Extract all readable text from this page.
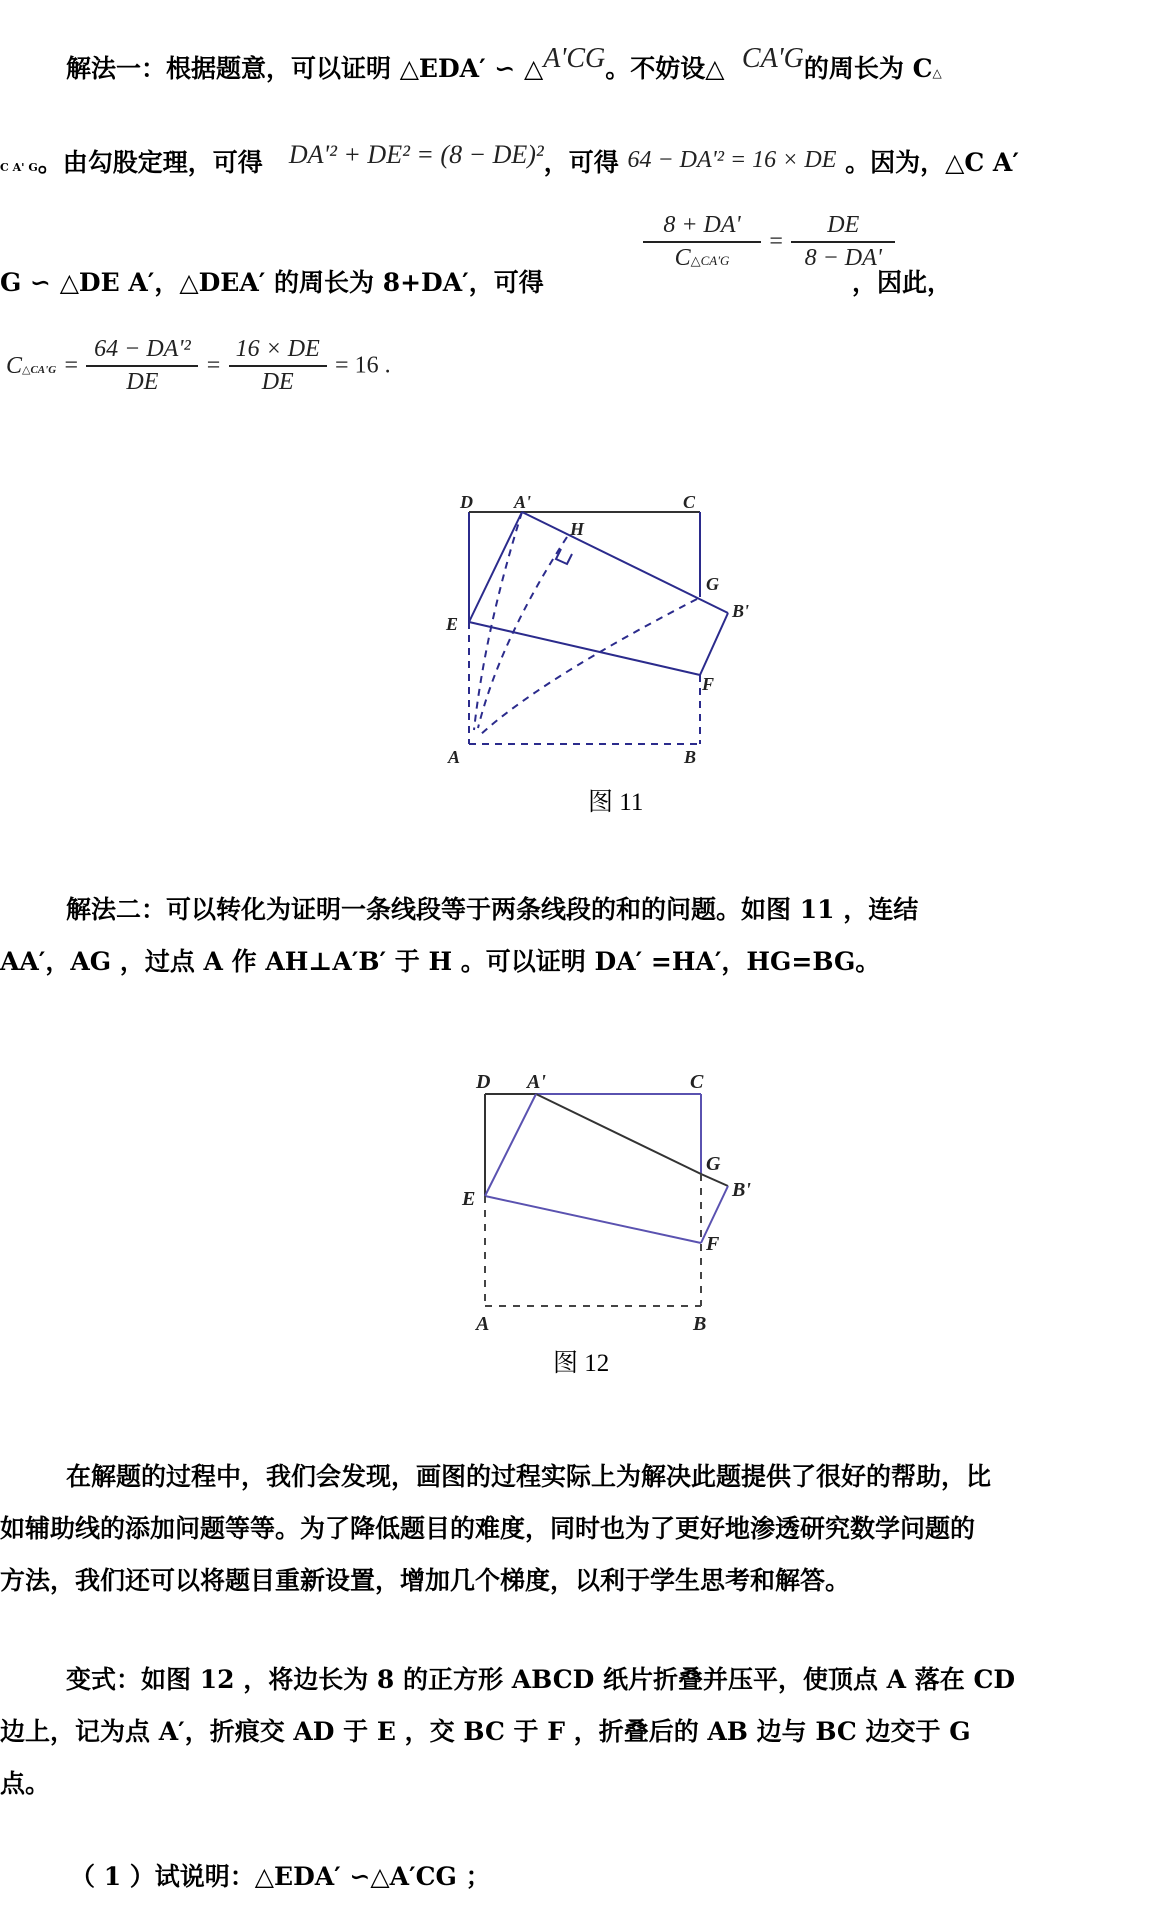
解法一：根据题意，可以证明 △EDA′ ∽ △A'CG。不妨设△ CA'G的周长为 C△
C A' G。由勾股定理，可得 DA'² + DE² = (8 − DE)²，可得 64 − DA'² = 16 × DE 。因为，△C A′
G ∽ △DE A′，△DEA′ 的周长为 8+DA′，可得
$\frac{8 + DA'}{C\triangle CA'G} = \frac{DE}{8 - DA'}$
，因此，
C△CA'G = $\frac{\text{64 − DA'²}}{DE} = \frac{16 \times DE}{DE} = 16$ .
D A'	C
H
G
B'
E
F
A	B
图 11
解法二：可以转化为证明一条线段等于两条线段的和的问题。如图 11 ，连结
AA′，AG ，过点 A 作 AH⊥A′B′ 于 H 。可以证明 DA′ =HA′，HG=BG。
D A'	C
G
B'
E
F
A	B
图 12
在解题的过程中，我们会发现，画图的过程实际上为解决此题提供了很好的帮助，比
如辅助线的添加问题等等。为了降低题目的难度，同时也为了更好地渗透研究数学问题的
方法，我们还可以将题目重新设置，增加几个梯度，以利于学生思考和解答。
变式：如图 12 ，将边长为 8 的正方形 ABCD 纸片折叠并压平，使顶点 A 落在 CD
边上，记为点 A′，折痕交 AD 于 E ，交 BC 于 F ，折叠后的 AB 边与 BC 边交于 G
点。
（ 1 ）试说明：△EDA′ ∽△A′CG ；
